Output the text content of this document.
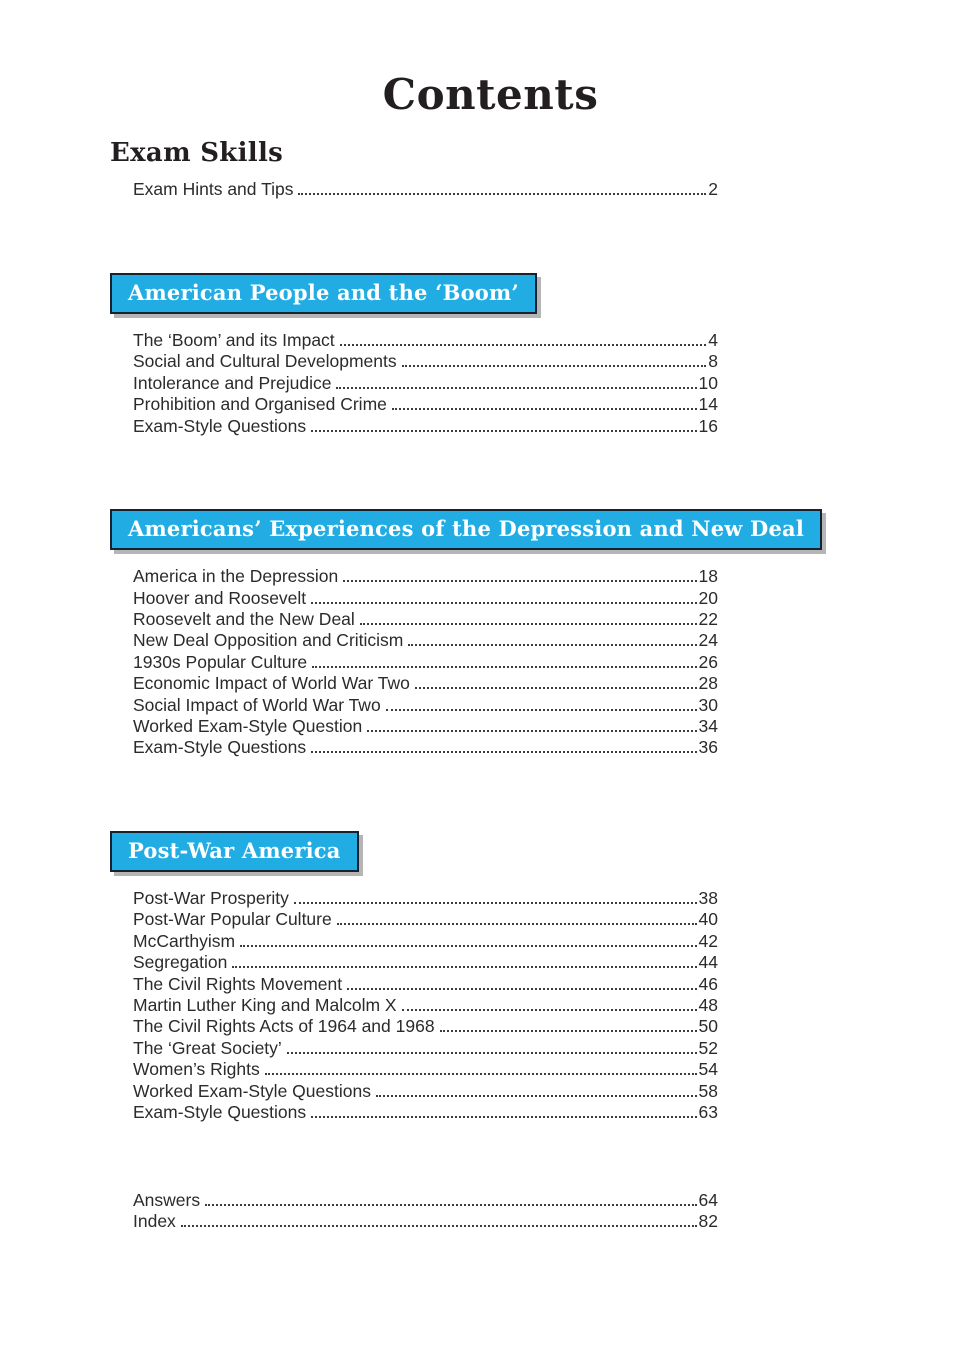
Contents
Exam Skills
Exam Hints and Tips	2
American People and the ‘Boom’
The ‘Boom’ and its Impact	4
Social and Cultural Developments	8
Intolerance and Prejudice	10
Prohibition and Organised Crime	14
Exam-Style Questions	16
Americans’ Experiences of the Depression and New Deal
America in the Depression	18
Hoover and Roosevelt	20
Roosevelt and the New Deal	22
New Deal Opposition and Criticism	24
1930s Popular Culture	26
Economic Impact of World War Two	28
Social Impact of World War Two	30
Worked Exam-Style Question	34
Exam-Style Questions	36
Post-War America
Post-War Prosperity	38
Post-War Popular Culture	40
McCarthyism	42
Segregation	44
The Civil Rights Movement	46
Martin Luther King and Malcolm X	48
The Civil Rights Acts of 1964 and 1968	50
The ‘Great Society’	52
Women’s Rights	54
Worked Exam-Style Questions	58
Exam-Style Questions	63
Answers	64
Index	82
